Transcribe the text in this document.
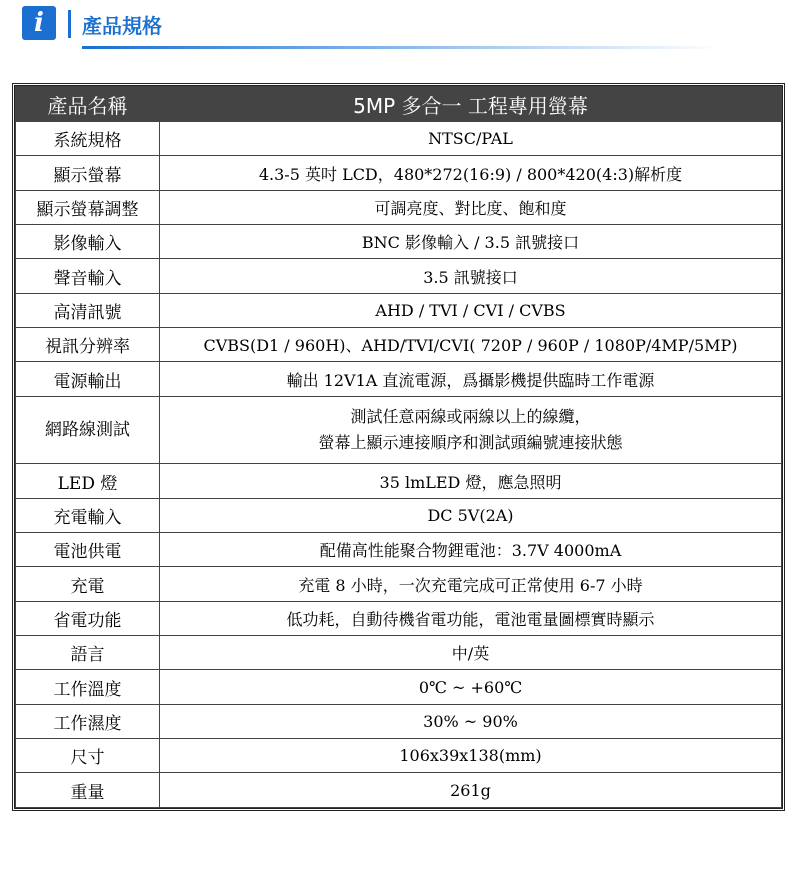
i	產品規格
產品名稱	5MP 多合一 工程專用螢幕
系統規格	NTSC/PAL
顯示螢幕	4.3-5 英吋 LCD，480*272(16:9) / 800*420(4:3)解析度
顯示螢幕調整	可調亮度、對比度、飽和度
影像輸入	BNC 影像輸入 / 3.5 訊號接口
聲音輸入	3.5 訊號接口
高清訊號	AHD / TVI / CVI / CVBS
視訊分辨率	CVBS(D1 / 960H)、AHD/TVI/CVI( 720P / 960P / 1080P/4MP/5MP)
電源輸出	輸出 12V1A 直流電源，爲攝影機提供臨時工作電源
網路線測試	測試任意兩線或兩線以上的線纜，
螢幕上顯示連接順序和測試頭編號連接狀態

LED 燈	35 lmLED 燈，應急照明
充電輸入	DC 5V(2A)
電池供電	配備高性能聚合物鋰電池：3.7V 4000mA
充電	充電 8 小時，一次充電完成可正常使用 6-7 小時
省電功能	低功耗，自動待機省電功能，電池電量圖標實時顯示
語言	中/英
工作溫度	0℃ ~ +60℃
工作濕度	30% ~ 90%
尺寸	106x39x138(mm)
重量	261g
